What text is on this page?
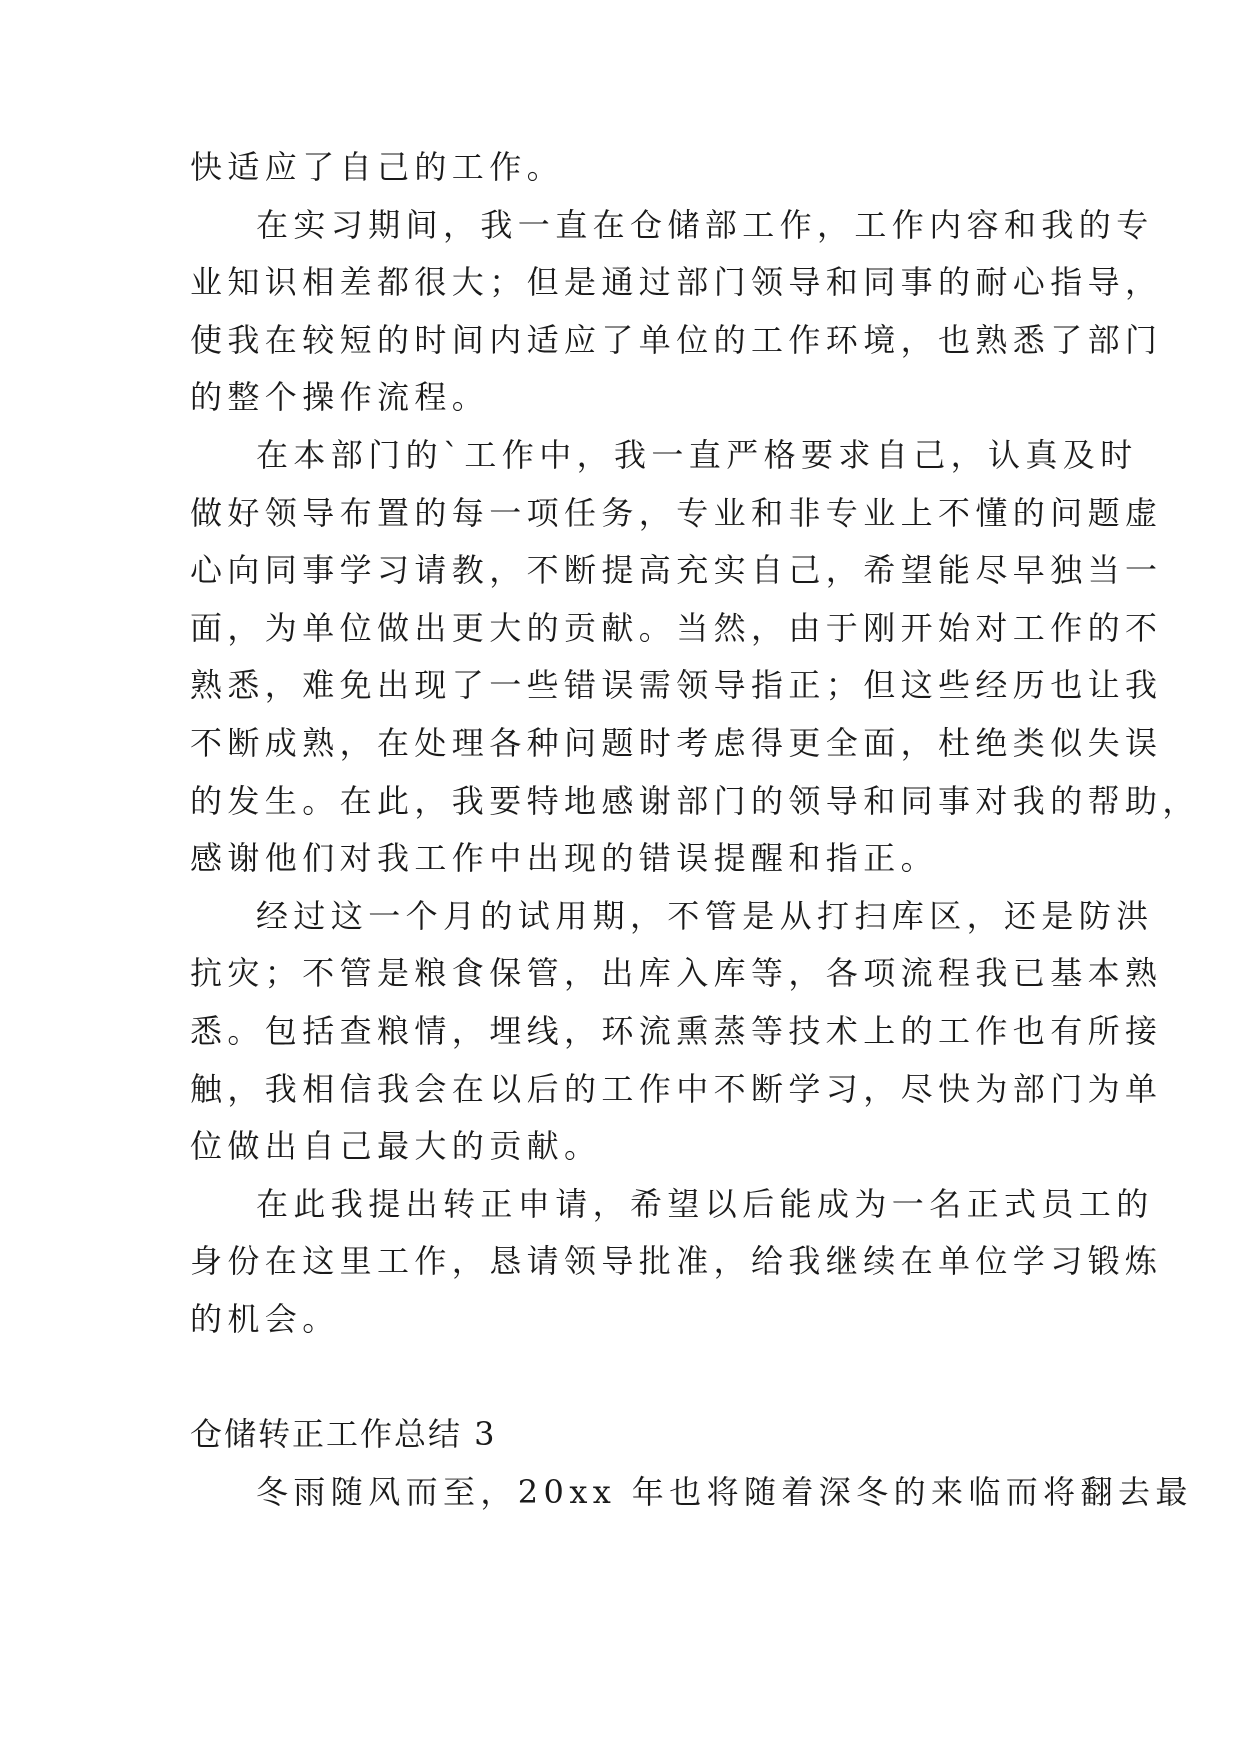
快适应了自己的工作。

在实习期间，我一直在仓储部工作，工作内容和我的专

业知识相差都很大；但是通过部门领导和同事的耐心指导，

使我在较短的时间内适应了单位的工作环境，也熟悉了部门

的整个操作流程。

在本部门的`工作中，我一直严格要求自己，认真及时

做好领导布置的每一项任务，专业和非专业上不懂的问题虚

心向同事学习请教，不断提高充实自己，希望能尽早独当一

面，为单位做出更大的贡献。当然，由于刚开始对工作的不

熟悉，难免出现了一些错误需领导指正；但这些经历也让我

不断成熟，在处理各种问题时考虑得更全面，杜绝类似失误

的发生。在此，我要特地感谢部门的领导和同事对我的帮助，

感谢他们对我工作中出现的错误提醒和指正。

经过这一个月的试用期，不管是从打扫库区，还是防洪

抗灾；不管是粮食保管，出库入库等，各项流程我已基本熟

悉。包括查粮情，埋线，环流熏蒸等技术上的工作也有所接

触，我相信我会在以后的工作中不断学习，尽快为部门为单

位做出自己最大的贡献。

在此我提出转正申请，希望以后能成为一名正式员工的

身份在这里工作，恳请领导批准，给我继续在单位学习锻炼

的机会。

仓储转正工作总结 3

冬雨随风而至，20xx 年也将随着深冬的来临而将翻去最
